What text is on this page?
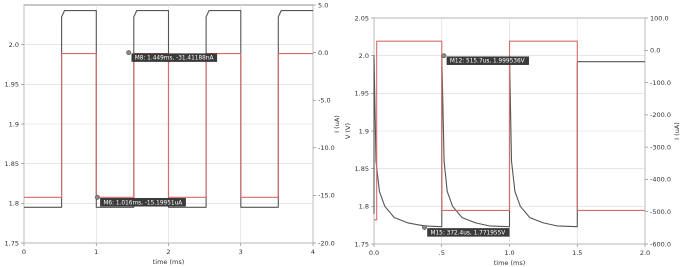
0	1	2	3	4
1.75
1.8
1.85
1.9
1.95
2.0
-20.0
-15.0
-10.0
-5.0
0.0
5.0
time (ms)
I (uA)
M8: 1.449ms, -31.41188nA
M6: 1.016ms, -15.19951uA
0.0	.5	1.0	1.5	2.0
1.75
1.8
1.85
1.9
1.95
2.0
2.05
-600.0
-500.0
-400.0
-300.0
-200.0
-100.0
0.0
100.0
time (ms)
V (V)	I (uA)
M12: 515.7us, 1.999536V
M15: 372.4us, 1.771955V
